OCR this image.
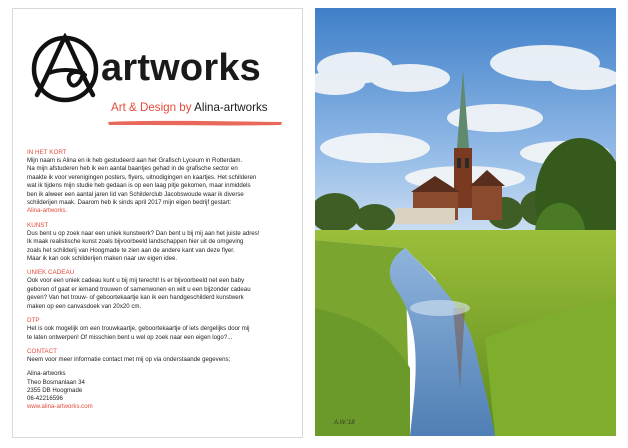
artworks
Art & Design by Alina-artworks
IN HET KORT
Mijn naam is Alina en ik heb gestudeerd aan het Grafisch Lyceum in Rotterdam.
Na mijn afstuderen heb ik een aantal baantjes gehad in de grafische sector en
maakte ik voor verenigingen posters, flyers, uitnodigingen en kaartjes. Het schilderen
wat ik tijdens mijn studie heb gedaan is op een laag pitje gekomen, maar inmiddels
ben ik alweer een aantal jaren lid van Schilderclub Jacobswoude waar ik diverse
schilderijen maak. Daarom heb ik sinds april 2017 mijn eigen bedrijf gestart:
Alina-artworks.
KUNST
Dus bent u op zoek naar een uniek kunstwerk? Dan bent u bij mij aan het juiste adres!
Ik maak realistische kunst zoals bijvoorbeeld landschappen hier uit de omgeving
zoals het schilderij van Hoogmade te zien aan de andere kant van deze flyer.
Maar ik kan ook schilderijen maken naar uw eigen idee.
UNIEK CADEAU
Ook voor een uniek cadeau kunt u bij mij terecht! Is er bijvoorbeeld net een baby
geboren of gaat er iemand trouwen of samenwonen en wilt u een bijzonder cadeau
geven? Van het trouw- of geboortekaartje kan ik een handgeschilderd kunstwerk
maken op een canvasdoek van 20x20 cm.
DTP
Het is ook mogelijk om een trouwkaartje, geboortekaartje of iets dergelijks door mij
te laten ontwerpen! Of misschien bent u wel op zoek naar een eigen logo?...
CONTACT
Neem voor meer informatie contact met mij op via onderstaande gegevens;
Alina-artworks
Theo Bosmanlaan 34
2355 DB Hoogmade
06-42216596
www.alina-artworks.com
A.W.'18
